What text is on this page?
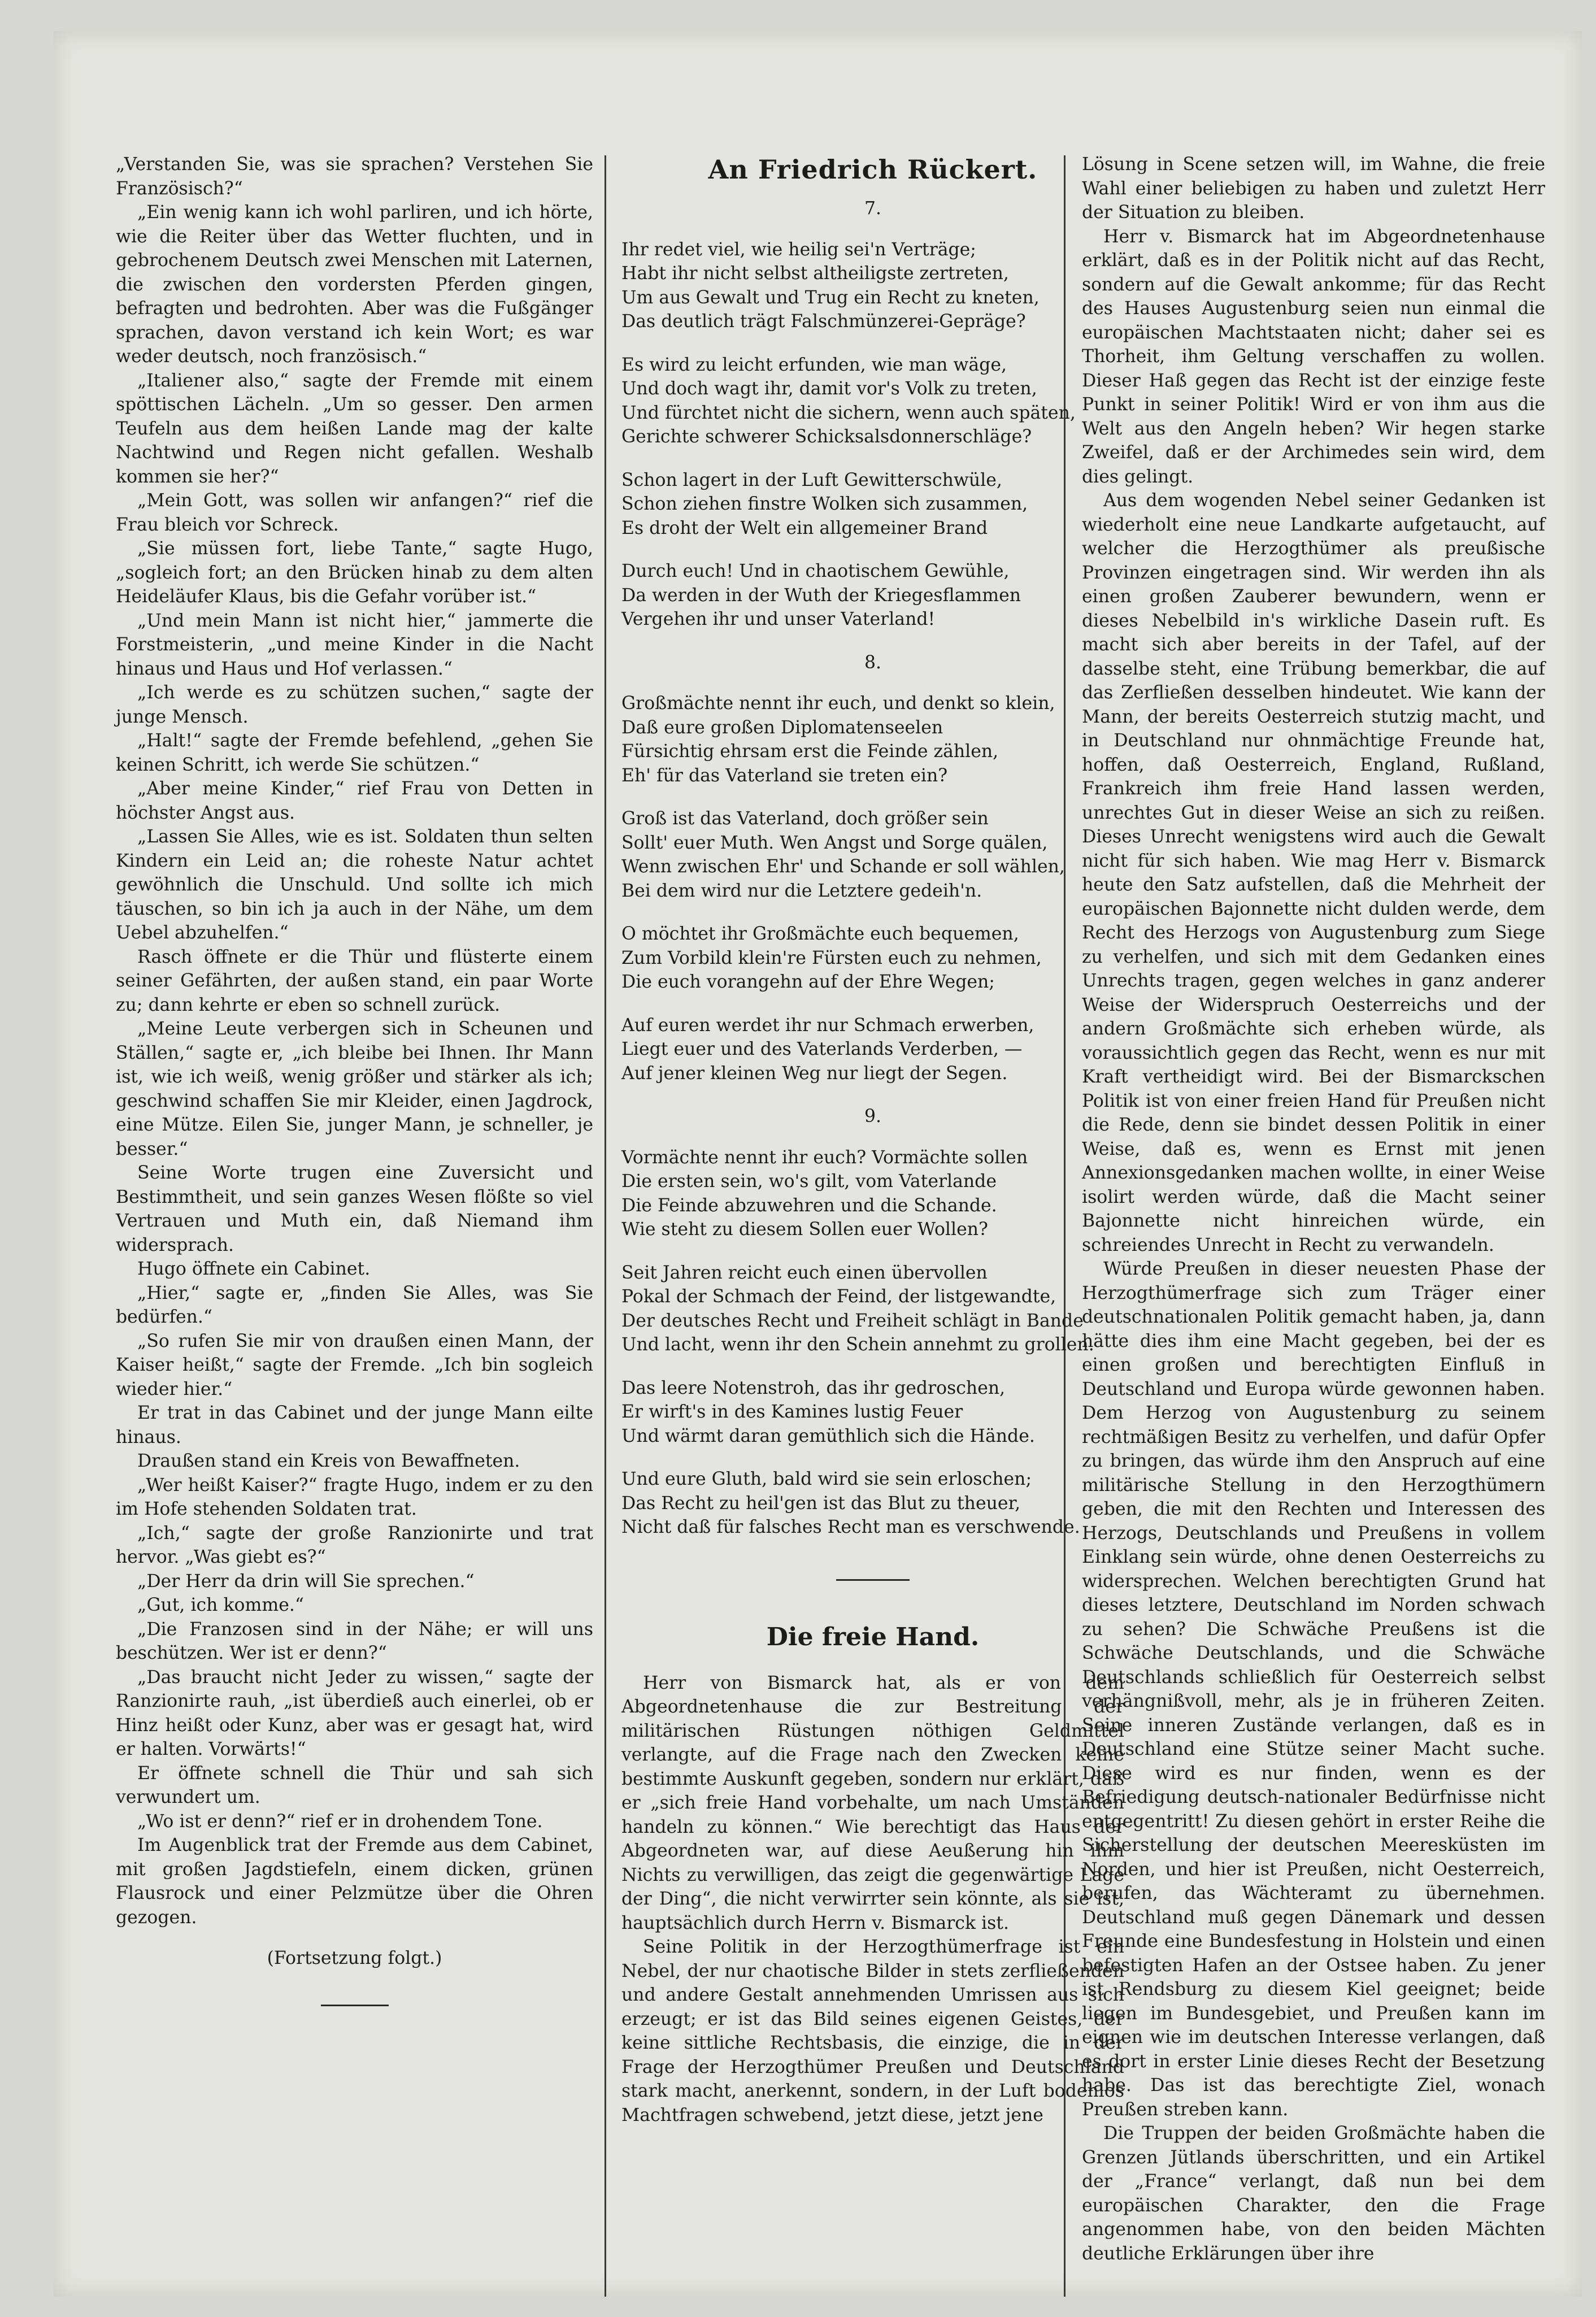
„Verstanden Sie, was sie sprachen? Verstehen Sie Französisch?“

„Ein wenig kann ich wohl parliren, und ich hörte, wie die Reiter über das Wetter fluchten, und in gebrochenem Deutsch zwei Menschen mit Laternen, die zwischen den vordersten Pferden gingen, befragten und bedrohten. Aber was die Fußgänger sprachen, davon verstand ich kein Wort; es war weder deutsch, noch französisch.“

„Italiener also,“ sagte der Fremde mit einem spöttischen Lächeln. „Um so gesser. Den armen Teufeln aus dem heißen Lande mag der kalte Nachtwind und Regen nicht gefallen. Weshalb kommen sie her?“

„Mein Gott, was sollen wir anfangen?“ rief die Frau bleich vor Schreck.

„Sie müssen fort, liebe Tante,“ sagte Hugo, „sogleich fort; an den Brücken hinab zu dem alten Heideläufer Klaus, bis die Gefahr vorüber ist.“

„Und mein Mann ist nicht hier,“ jammerte die Forstmeisterin, „und meine Kinder in die Nacht hinaus und Haus und Hof verlassen.“

„Ich werde es zu schützen suchen,“ sagte der junge Mensch.

„Halt!“ sagte der Fremde befehlend, „gehen Sie keinen Schritt, ich werde Sie schützen.“

„Aber meine Kinder,“ rief Frau von Detten in höchster Angst aus.

„Lassen Sie Alles, wie es ist. Soldaten thun selten Kindern ein Leid an; die roheste Natur achtet gewöhnlich die Unschuld. Und sollte ich mich täuschen, so bin ich ja auch in der Nähe, um dem Uebel abzuhelfen.“

Rasch öffnete er die Thür und flüsterte einem seiner Gefährten, der außen stand, ein paar Worte zu; dann kehrte er eben so schnell zurück.

„Meine Leute verbergen sich in Scheunen und Ställen,“ sagte er, „ich bleibe bei Ihnen. Ihr Mann ist, wie ich weiß, wenig größer und stärker als ich; geschwind schaffen Sie mir Kleider, einen Jagdrock, eine Mütze. Eilen Sie, junger Mann, je schneller, je besser.“

Seine Worte trugen eine Zuversicht und Bestimmtheit, und sein ganzes Wesen flößte so viel Vertrauen und Muth ein, daß Niemand ihm widersprach.

Hugo öffnete ein Cabinet.

„Hier,“ sagte er, „finden Sie Alles, was Sie bedürfen.“

„So rufen Sie mir von draußen einen Mann, der Kaiser heißt,“ sagte der Fremde. „Ich bin sogleich wieder hier.“

Er trat in das Cabinet und der junge Mann eilte hinaus.

Draußen stand ein Kreis von Bewaffneten.

„Wer heißt Kaiser?“ fragte Hugo, indem er zu den im Hofe stehenden Soldaten trat.

„Ich,“ sagte der große Ranzionirte und trat hervor. „Was giebt es?“

„Der Herr da drin will Sie sprechen.“

„Gut, ich komme.“

„Die Franzosen sind in der Nähe; er will uns beschützen. Wer ist er denn?“

„Das braucht nicht Jeder zu wissen,“ sagte der Ranzionirte rauh, „ist überdieß auch einerlei, ob er Hinz heißt oder Kunz, aber was er gesagt hat, wird er halten. Vorwärts!“

Er öffnete schnell die Thür und sah sich verwundert um.

„Wo ist er denn?“ rief er in drohendem Tone.

Im Augenblick trat der Fremde aus dem Cabinet, mit großen Jagdstiefeln, einem dicken, grünen Flausrock und einer Pelzmütze über die Ohren gezogen.

(Fortsetzung folgt.)

An Friedrich Rückert.
7.
Ihr redet viel, wie heilig sei'n Verträge;
Habt ihr nicht selbst altheiligste zertreten,
Um aus Gewalt und Trug ein Recht zu kneten,
Das deutlich trägt Falschmünzerei-Gepräge?
Es wird zu leicht erfunden, wie man wäge,
Und doch wagt ihr, damit vor's Volk zu treten,
Und fürchtet nicht die sichern, wenn auch späten,
Gerichte schwerer Schicksalsdonnerschläge?
Schon lagert in der Luft Gewitterschwüle,
Schon ziehen finstre Wolken sich zusammen,
Es droht der Welt ein allgemeiner Brand
Durch euch! Und in chaotischem Gewühle,
Da werden in der Wuth der Kriegesflammen
Vergehen ihr und unser Vaterland!
8.
Großmächte nennt ihr euch, und denkt so klein,
Daß eure großen Diplomatenseelen
Fürsichtig ehrsam erst die Feinde zählen,
Eh' für das Vaterland sie treten ein?
Groß ist das Vaterland, doch größer sein
Sollt' euer Muth. Wen Angst und Sorge quälen,
Wenn zwischen Ehr' und Schande er soll wählen,
Bei dem wird nur die Letztere gedeih'n.
O möchtet ihr Großmächte euch bequemen,
Zum Vorbild klein're Fürsten euch zu nehmen,
Die euch vorangehn auf der Ehre Wegen;
Auf euren werdet ihr nur Schmach erwerben,
Liegt euer und des Vaterlands Verderben, —
Auf jener kleinen Weg nur liegt der Segen.
9.
Vormächte nennt ihr euch? Vormächte sollen
Die ersten sein, wo's gilt, vom Vaterlande
Die Feinde abzuwehren und die Schande.
Wie steht zu diesem Sollen euer Wollen?
Seit Jahren reicht euch einen übervollen
Pokal der Schmach der Feind, der listgewandte,
Der deutsches Recht und Freiheit schlägt in Bande
Und lacht, wenn ihr den Schein annehmt zu grollen.
Das leere Notenstroh, das ihr gedroschen,
Er wirft's in des Kamines lustig Feuer
Und wärmt daran gemüthlich sich die Hände.
Und eure Gluth, bald wird sie sein erloschen;
Das Recht zu heil'gen ist das Blut zu theuer,
Nicht daß für falsches Recht man es verschwende.
Die freie Hand.

Herr von Bismarck hat, als er von dem Abgeordnetenhause die zur Bestreitung der militärischen Rüstungen nöthigen Geldmittel verlangte, auf die Frage nach den Zwecken keine bestimmte Auskunft gegeben, sondern nur erklärt, daß er „sich freie Hand vorbehalte, um nach Umständen handeln zu können.“ Wie berechtigt das Haus der Abgeordneten war, auf diese Aeußerung hin ihm Nichts zu verwilligen, das zeigt die gegenwärtige Lage der Ding“, die nicht verwirrter sein könnte, als sie ist, hauptsächlich durch Herrn v. Bismarck ist.

Seine Politik in der Herzogthümerfrage ist ein Nebel, der nur chaotische Bilder in stets zerfließenden und andere Gestalt annehmenden Umrissen aus sich erzeugt; er ist das Bild seines eigenen Geistes, der keine sittliche Rechtsbasis, die einzige, die in der Frage der Herzogthümer Preußen und Deutschland stark macht, anerkennt, sondern, in der Luft bodenlos Machtfragen schwebend, jetzt diese, jetzt jene

Lösung in Scene setzen will, im Wahne, die freie Wahl einer beliebigen zu haben und zuletzt Herr der Situation zu bleiben.

Herr v. Bismarck hat im Abgeordnetenhause erklärt, daß es in der Politik nicht auf das Recht, sondern auf die Gewalt ankomme; für das Recht des Hauses Augustenburg seien nun einmal die europäischen Machtstaaten nicht; daher sei es Thorheit, ihm Geltung verschaffen zu wollen. Dieser Haß gegen das Recht ist der einzige feste Punkt in seiner Politik! Wird er von ihm aus die Welt aus den Angeln heben? Wir hegen starke Zweifel, daß er der Archimedes sein wird, dem dies gelingt.

Aus dem wogenden Nebel seiner Gedanken ist wiederholt eine neue Landkarte aufgetaucht, auf welcher die Herzogthümer als preußische Provinzen eingetragen sind. Wir werden ihn als einen großen Zauberer bewundern, wenn er dieses Nebelbild in's wirkliche Dasein ruft. Es macht sich aber bereits in der Tafel, auf der dasselbe steht, eine Trübung bemerkbar, die auf das Zerfließen desselben hindeutet. Wie kann der Mann, der bereits Oesterreich stutzig macht, und in Deutschland nur ohnmächtige Freunde hat, hoffen, daß Oesterreich, England, Rußland, Frankreich ihm freie Hand lassen werden, unrechtes Gut in dieser Weise an sich zu reißen. Dieses Unrecht wenigstens wird auch die Gewalt nicht für sich haben. Wie mag Herr v. Bismarck heute den Satz aufstellen, daß die Mehrheit der europäischen Bajonnette nicht dulden werde, dem Recht des Herzogs von Augustenburg zum Siege zu verhelfen, und sich mit dem Gedanken eines Unrechts tragen, gegen welches in ganz anderer Weise der Widerspruch Oesterreichs und der andern Großmächte sich erheben würde, als voraussichtlich gegen das Recht, wenn es nur mit Kraft vertheidigt wird. Bei der Bismarckschen Politik ist von einer freien Hand für Preußen nicht die Rede, denn sie bindet dessen Politik in einer Weise, daß es, wenn es Ernst mit jenen Annexionsgedanken machen wollte, in einer Weise isolirt werden würde, daß die Macht seiner Bajonnette nicht hinreichen würde, ein schreiendes Unrecht in Recht zu verwandeln.

Würde Preußen in dieser neuesten Phase der Herzogthümerfrage sich zum Träger einer deutschnationalen Politik gemacht haben, ja, dann hätte dies ihm eine Macht gegeben, bei der es einen großen und berechtigten Einfluß in Deutschland und Europa würde gewonnen haben. Dem Herzog von Augustenburg zu seinem rechtmäßigen Besitz zu verhelfen, und dafür Opfer zu bringen, das würde ihm den Anspruch auf eine militärische Stellung in den Herzogthümern geben, die mit den Rechten und Interessen des Herzogs, Deutschlands und Preußens in vollem Einklang sein würde, ohne denen Oesterreichs zu widersprechen. Welchen berechtigten Grund hat dieses letztere, Deutschland im Norden schwach zu sehen? Die Schwäche Preußens ist die Schwäche Deutschlands, und die Schwäche Deutschlands schließlich für Oesterreich selbst verhängnißvoll, mehr, als je in früheren Zeiten. Seine inneren Zustände verlangen, daß es in Deutschland eine Stütze seiner Macht suche. Diese wird es nur finden, wenn es der Befriedigung deutsch-nationaler Bedürfnisse nicht entgegentritt! Zu diesen gehört in erster Reihe die Sicherstellung der deutschen Meeresküsten im Norden, und hier ist Preußen, nicht Oesterreich, berufen, das Wächteramt zu übernehmen. Deutschland muß gegen Dänemark und dessen Freunde eine Bundesfestung in Holstein und einen befestigten Hafen an der Ostsee haben. Zu jener ist Rendsburg zu diesem Kiel geeignet; beide liegen im Bundesgebiet, und Preußen kann im eignen wie im deutschen Interesse verlangen, daß es dort in erster Linie dieses Recht der Besetzung habe. Das ist das berechtigte Ziel, wonach Preußen streben kann.

Die Truppen der beiden Großmächte haben die Grenzen Jütlands überschritten, und ein Artikel der „France“ verlangt, daß nun bei dem europäischen Charakter, den die Frage angenommen habe, von den beiden Mächten deutliche Erklärungen über ihre
